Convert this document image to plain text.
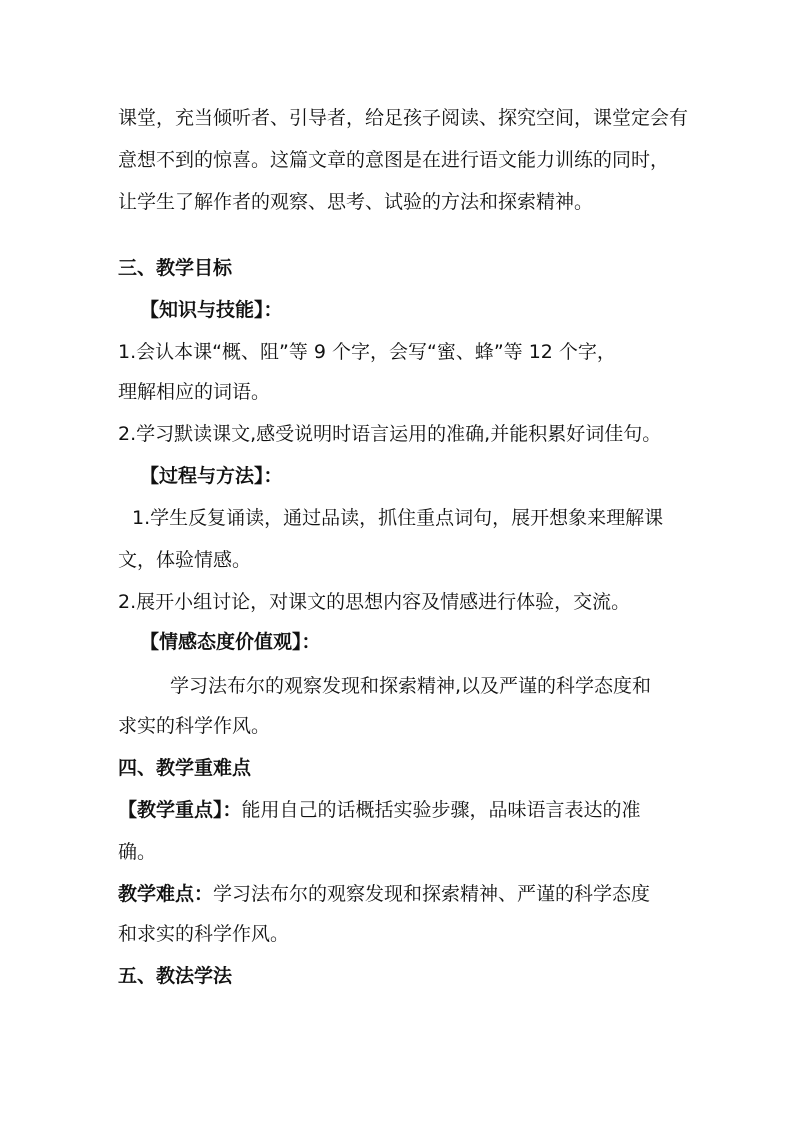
课堂，充当倾听者、引导者，给足孩子阅读、探究空间，课堂定会有
意想不到的惊喜。这篇文章的意图是在进行语文能力训练的同时，
让学生了解作者的观察、思考、试验的方法和探索精神。
三、教学目标
【知识与技能】：
1.会认本课“概、阻”等 9 个字，会写“蜜、蜂”等 12 个字，
理解相应的词语。
2.学习默读课文,感受说明时语言运用的准确,并能积累好词佳句。
【过程与方法】：
1.学生反复诵读，通过品读，抓住重点词句，展开想象来理解课
文，体验情感。
2.展开小组讨论，对课文的思想内容及情感进行体验，交流。
【情感态度价值观】：
学习法布尔的观察发现和探索精神,以及严谨的科学态度和
求实的科学作风。
四、教学重难点
【教学重点】：能用自己的话概括实验步骤，品味语言表达的准
确。
教学难点：学习法布尔的观察发现和探索精神、严谨的科学态度
和求实的科学作风。
五、教法学法
